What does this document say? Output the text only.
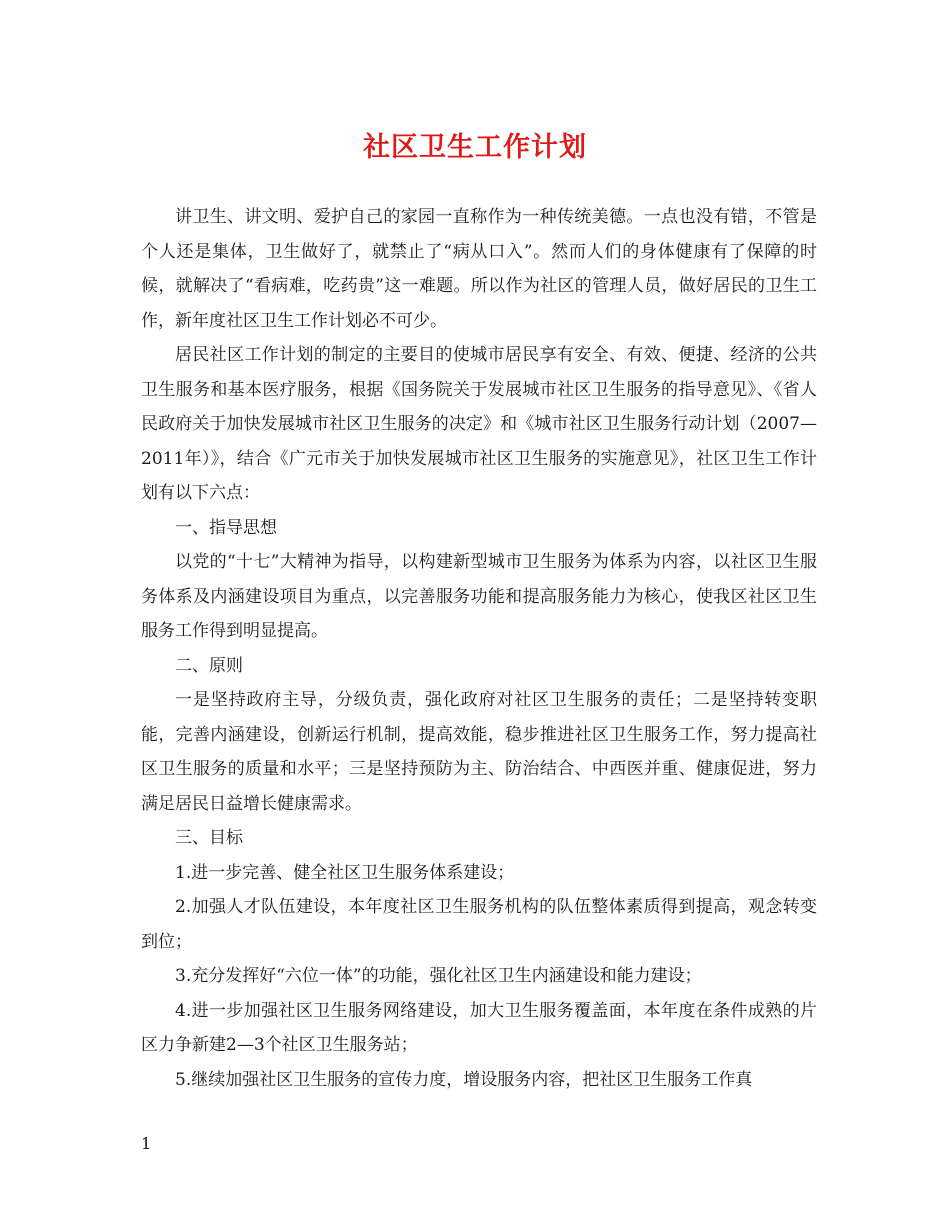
社区卫生工作计划

讲卫生、讲文明、爱护自己的家园一直称作为一种传统美德。一点也没有错，不管是个人还是集体，卫生做好了，就禁止了“病从口入”。然而人们的身体健康有了保障的时候，就解决了“看病难，吃药贵”这一难题。所以作为社区的管理人员，做好居民的卫生工作，新年度社区卫生工作计划必不可少。

居民社区工作计划的制定的主要目的使城市居民享有安全、有效、便捷、经济的公共卫生服务和基本医疗服务，根据《国务院关于发展城市社区卫生服务的指导意见》、《省人民政府关于加快发展城市社区卫生服务的决定》和《城市社区卫生服务行动计划（2007—2011年）》，结合《广元市关于加快发展城市社区卫生服务的实施意见》，社区卫生工作计划有以下六点：

一、指导思想

以党的“十七”大精神为指导，以构建新型城市卫生服务为体系为内容，以社区卫生服务体系及内涵建设项目为重点，以完善服务功能和提高服务能力为核心，使我区社区卫生服务工作得到明显提高。

二、原则

一是坚持政府主导，分级负责，强化政府对社区卫生服务的责任；二是坚持转变职能，完善内涵建设，创新运行机制，提高效能，稳步推进社区卫生服务工作，努力提高社区卫生服务的质量和水平；三是坚持预防为主、防治结合、中西医并重、健康促进，努力满足居民日益增长健康需求。

三、目标

1.进一步完善、健全社区卫生服务体系建设；

2.加强人才队伍建设，本年度社区卫生服务机构的队伍整体素质得到提高，观念转变到位；

3.充分发挥好“六位一体”的功能，强化社区卫生内涵建设和能力建设；

4.进一步加强社区卫生服务网络建设，加大卫生服务覆盖面，本年度在条件成熟的片区力争新建2—3个社区卫生服务站；

5.继续加强社区卫生服务的宣传力度，增设服务内容，把社区卫生服务工作真

1
